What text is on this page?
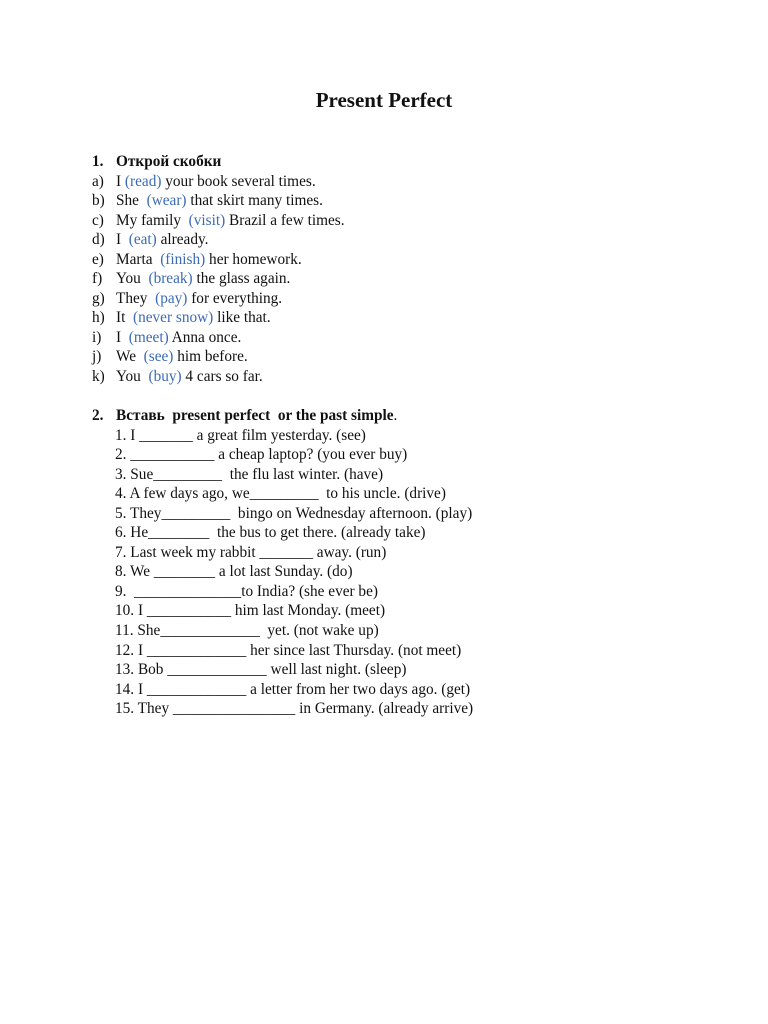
Present Perfect
1. Открой скобки
a) I (read) your book several times.
b) She  (wear) that skirt many times.
c) My family  (visit) Brazil a few times.
d) I  (eat) already.
e) Marta  (finish) her homework.
f) You  (break) the glass again.
g) They  (pay) for everything.
h) It  (never snow) like that.
i) I  (meet) Anna once.
j) We  (see) him before.
k) You  (buy) 4 cars so far.
2. Вставь  present perfect  or the past simple.
1. I _______ a great film yesterday. (see)
2. ___________ a cheap laptop? (you ever buy)
3. Sue_________  the flu last winter. (have)
4. A few days ago, we_________  to his uncle. (drive)
5. They_________  bingo on Wednesday afternoon. (play)
6. He________  the bus to get there. (already take)
7. Last week my rabbit _______ away. (run)
8. We ________ a lot last Sunday. (do)
9.  ______________to India? (she ever be)
10. I ___________ him last Monday. (meet)
11. She_____________  yet. (not wake up)
12. I _____________ her since last Thursday. (not meet)
13. Bob _____________ well last night. (sleep)
14. I _____________ a letter from her two days ago. (get)
15. They ________________ in Germany. (already arrive)
